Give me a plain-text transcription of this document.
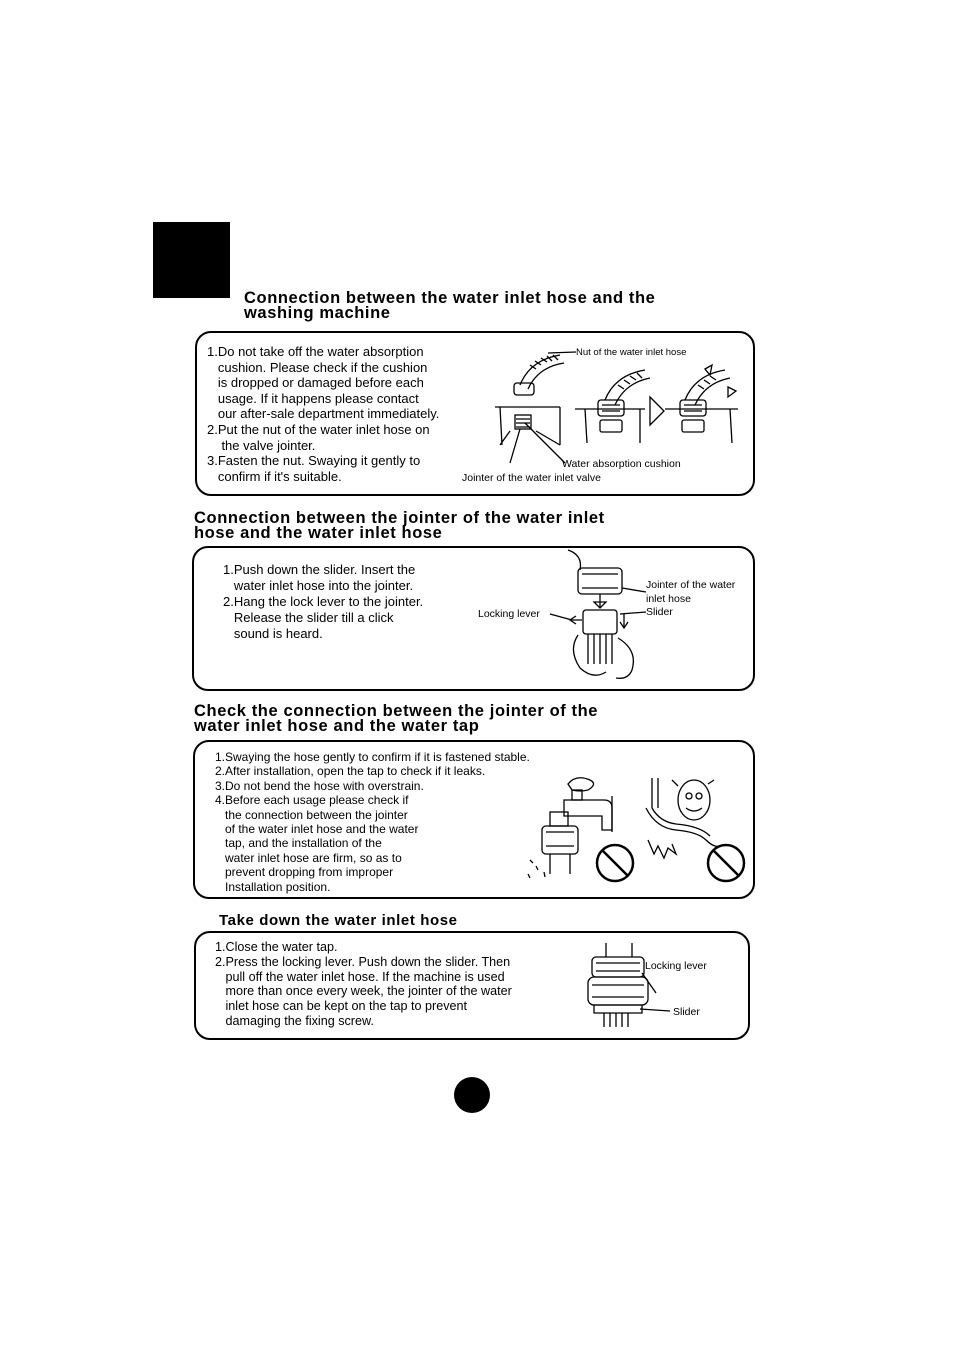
Connection between the water inlet hose and the
washing machine
1.Do not take off the water absorption
cushion. Please check if the cushion
is dropped or damaged before each
usage. If it happens please contact
our after-sale department immediately.
2.Put the nut of the water inlet hose on
the valve jointer.
3.Fasten the nut. Swaying it gently to
confirm if it's suitable.
Nut of the water inlet hose
Water absorption cushion
Jointer of the water inlet valve
Connection between the jointer of the water inlet
hose and the water inlet hose
1.Push down the slider. Insert the
water inlet hose into the jointer.
2.Hang the lock lever to the jointer.
Release the slider till a click
sound is heard.
Jointer of the water
inlet hose
Slider
Locking lever
Check the connection between the jointer of the
water inlet hose and the water tap
1.Swaying the hose gently to confirm if it is fastened stable.
2.After installation, open the tap to check if it leaks.
3.Do not bend the hose with overstrain.
4.Before each usage please check if
the connection between the jointer
of the water inlet hose and the water
tap, and the installation of the
water inlet hose are firm, so as to
prevent dropping from improper
Installation position.
Take down the water inlet hose
1.Close the water tap.
2.Press the locking lever. Push down the slider. Then
pull off the water inlet hose. If the machine is used
more than once every week, the jointer of the water
inlet hose can be kept on the tap to prevent
damaging the fixing screw.
Locking lever
Slider
